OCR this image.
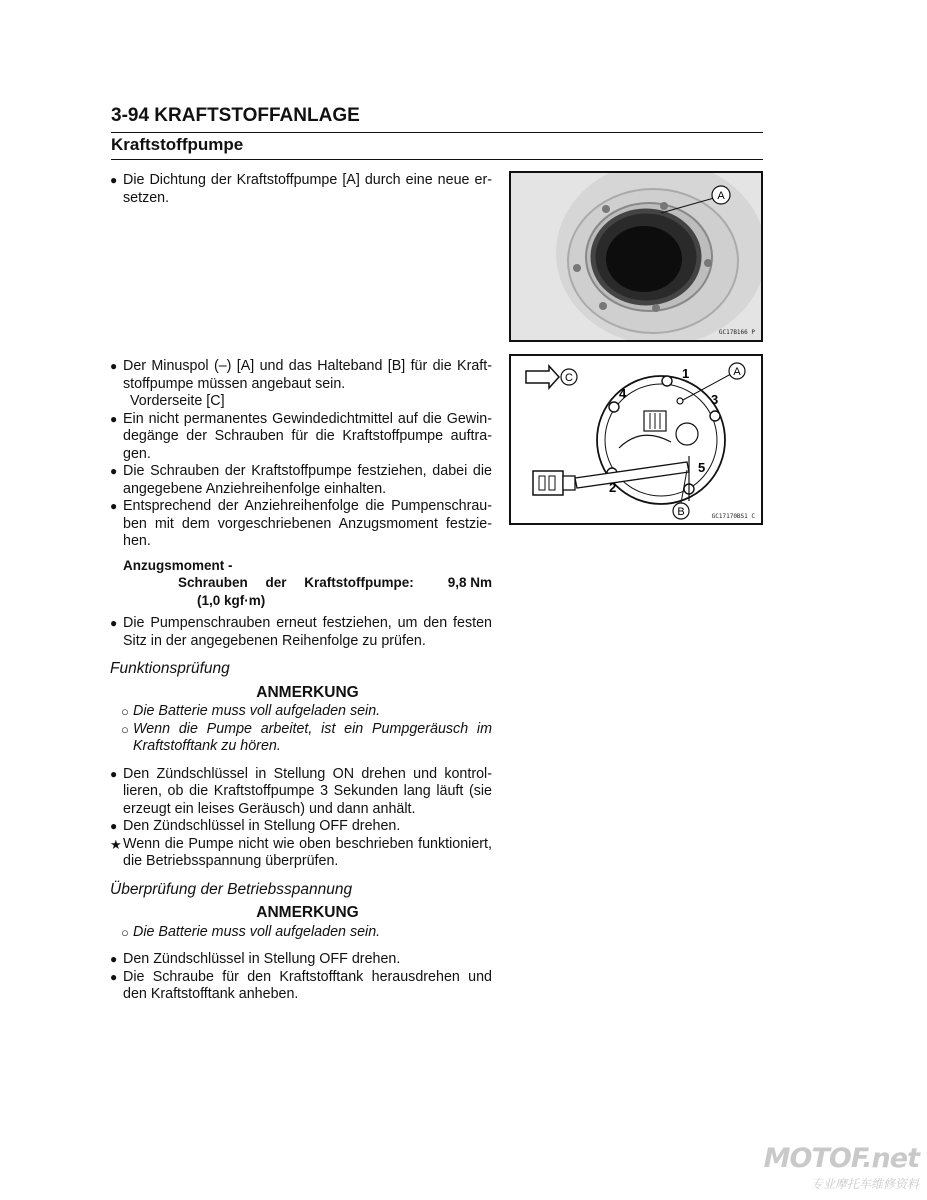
3-94 KRAFTSTOFFANLAGE
Kraftstoffpumpe
● Die Dichtung der Kraftstoffpumpe [A] durch eine neue er-setzen.
● Der Minuspol (–) [A] und das Halteband [B] für die Kraft-stoffpumpe müssen angebaut sein.
Vorderseite [C]
● Ein nicht permanentes Gewindedichtmittel auf die Gewin-degänge der Schrauben für die Kraftstoffpumpe auftra-gen.
● Die Schrauben der Kraftstoffpumpe festziehen, dabei die angegebene Anziehreihenfolge einhalten.
● Entsprechend der Anziehreihenfolge die Pumpenschrau-ben mit dem vorgeschriebenen Anzugsmoment festzie-hen.
Anzugsmoment -
Schrauben der Kraftstoffpumpe:	9,8 Nm
(1,0 kgf·m)
● Die Pumpenschrauben erneut festziehen, um den festen Sitz in der angegebenen Reihenfolge zu prüfen.
Funktionsprüfung
ANMERKUNG
○ Die Batterie muss voll aufgeladen sein.
○ Wenn die Pumpe arbeitet, ist ein Pumpgeräusch im Kraftstofftank zu hören.
● Den Zündschlüssel in Stellung ON drehen und kontrol-lieren, ob die Kraftstoffpumpe 3 Sekunden lang läuft (sie erzeugt ein leises Geräusch) und dann anhält.
● Den Zündschlüssel in Stellung OFF drehen.
★ Wenn die Pumpe nicht wie oben beschrieben funktioniert, die Betriebsspannung überprüfen.
Überprüfung der Betriebsspannung
ANMERKUNG
○ Die Batterie muss voll aufgeladen sein.
● Den Zündschlüssel in Stellung OFF drehen.
● Die Schraube für den Kraftstofftank herausdrehen und den Kraftstofftank anheben.
A
GC17B166 P
C	A
B
1
2
3
4
5
GC17170BS1 C
MOTOF.net
专业摩托车维修资料
